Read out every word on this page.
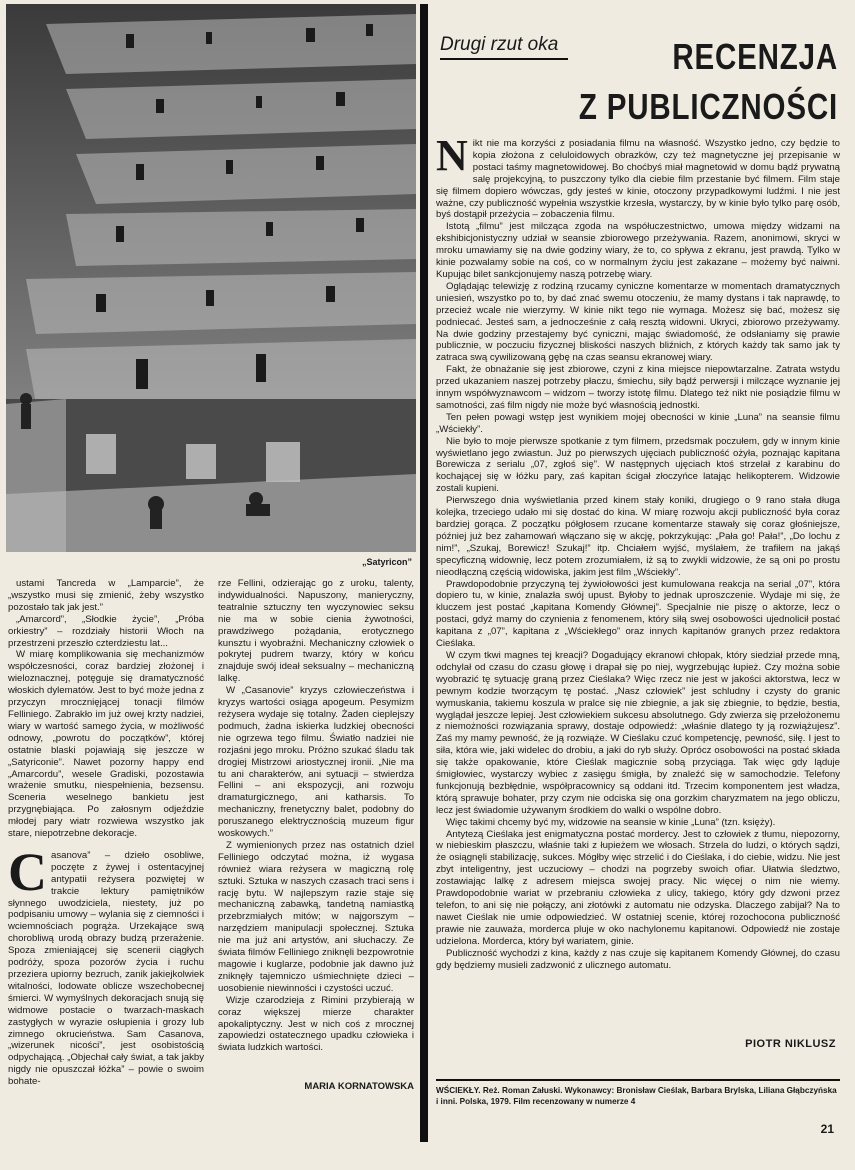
„Satyricon”

ustami Tancreda w „Lamparcie”, że „wszystko musi się zmienić, żeby wszystko pozostało tak jak jest.”

„Amarcord”, „Słodkie życie”, „Próba orkiestry” – rozdziały historii Włoch na przestrzeni przeszło czterdziestu lat...

W miarę komplikowania się mechanizmów współczesności, coraz bardziej złożonej i wieloznacznej, potęguje się dramatyczność włoskich dylematów. Jest to być może jedna z przyczyn mrocznięjącej tonacji filmów Felliniego. Zabrakło im już owej krzty nadziei, wiary w wartość samego życia, w możliwość odnowy, „powrotu do początków”, której ostatnie blaski pojawiają się jeszcze w „Satyriconie”. Nawet pozorny happy end „Amarcordu”, wesele Gradiski, pozostawia wrażenie smutku, niespełnienia, bezsensu. Sceneria weselnego bankietu jest przygnębiająca. Po załosnym odjeździe młodej pary wiatr rozwiewa wszystko jak stare, niepotrzebne dekoracje.

C asanova” – dzieło osobliwe, poczęte z żywej i ostentacyjnej antypatii reżysera pozwiętej w trakcie lektury pamiętników słynnego uwodziciela, niestety, już po podpisaniu umowy – wylania się z ciemności i wciemnościach pogrąża. Urzekające swą chorobliwą urodą obrazy budzą przerażenie. Spoza zmieniającej się scenerii ciągłych podróży, spoza pozorów życia i ruchu przeziera upiorny bezruch, zanik jakiejkolwiek witalności, lodowate oblicze wszechobecnej śmierci. W wymyślnych dekoracjach snują się widmowe postacie o twarzach-maskach zastygłych w wyrazie osłupienia i grozy lub zimnego okrucieństwa. Sam Casanova, „wizerunek nicości”, jest osobistością odpychającą. „Objechał cały świat, a tak jakby nigdy nie opuszczał łóżka” – powie o swoim bohate-

rze Fellini, odzierając go z uroku, talenty, indywidualności. Napuszony, manieryczny, teatralnie sztuczny ten wyczynowiec seksu nie ma w sobie cienia żywotności, prawdziwego pożądania, erotycznego kunsztu i wyobraźni. Mechaniczny człowiek o pokrytej pudrem twarzy, który w końcu znajduje swój ideał seksualny – mechaniczną lalkę.

W „Casanovie” kryzys człowieczeństwa i kryzys wartości osiąga apogeum. Pesymizm reżysera wydaje się totalny. Żaden cieplejszy podmuch, żadna iskierka ludzkiej obecności nie ogrzewa tego filmu. Światło nadziei nie rozjaśni jego mroku. Próżno szukać śladu tak drogiej Mistrzowi ariostycznej ironii. „Nie ma tu ani charakterów, ani sytuacji – stwierdza Fellini – ani ekspozycji, ani rozwoju dramaturgicznego, ani katharsis. To mechaniczny, frenetyczny balet, podobny do poruszanego elektrycznością muzeum figur woskowych.”

Z wymienionych przez nas ostatnich dziel Felliniego odczytać można, iż wygasa również wiara reżysera w magiczną rolę sztuki. Sztuka w naszych czasach traci sens i rację bytu. W najlepszym razie staje się mechaniczną zabawką, tandetną namiastką przebrzmiałych mitów; w najgorszym – narzędziem manipulacji społecznej. Sztuka nie ma już ani artystów, ani słuchaczy. Ze świata filmów Felliniego zniknęli bezpowrotnie magowie i kuglarze, podobnie jak dawno już zniknęły tajemniczo uśmiechnięte dzieci – uosobienie niewinności i czystości uczuć.

Wizje czarodzieja z Rimini przybierają w coraz większej mierze charakter apokaliptyczny. Jest w nich coś z mrocznej zapowiedzi ostatecznego upadku człowieka i świata ludzkich wartości.

MARIA KORNATOWSKA
Drugi rzut oka	RECENZJA
Z PUBLICZNOŚCI
N ikt nie ma korzyści z posiadania filmu na własność. Wszystko jedno, czy będzie to kopia złożona z celuloidowych obrazków, czy też magnetyczne jej przepisanie w postaci taśmy magnetowidowej. Bo choćbyś miał magnetowid w domu bądź prywatną salę projekcyjną, to puszczony tylko dla ciebie film przestanie być filmem. Film staje się filmem dopiero wówczas, gdy jesteś w kinie, otoczony przypadkowymi ludźmi. I nie jest ważne, czy publiczność wypełnia wszystkie krzesła, wystarczy, by w kinie było tylko parę osób, byś dostąpił przeżycia – zobaczenia filmu.

Istotą „filmu” jest milcząca zgoda na współuczestnictwo, umowa między widzami na ekshibicjonistyczny udział w seansie zbiorowego przeżywania. Razem, anonimowi, skryci w mroku umawiamy się na dwie godziny wiary, że to, co spływa z ekranu, jest prawdą. Tylko w kinie pozwalamy sobie na coś, co w normalnym życiu jest zakazane – możemy być naiwni. Kupując bilet sankcjonujemy naszą potrzebę wiary.

Oglądając telewizję z rodziną rzucamy cyniczne komentarze w momentach dramatycznych uniesień, wszystko po to, by dać znać swemu otoczeniu, że mamy dystans i tak naprawdę, to przecież wcale nie wierzymy. W kinie nikt tego nie wymaga. Możesz się bać, możesz się podniecać. Jesteś sam, a jednocześnie z całą resztą widowni. Ukryci, zbiorowo przeżywamy. Na dwie godziny przestajemy być cyniczni, mając świadomość, że odsłaniamy się prawie publicznie, w poczuciu fizycznej bliskości naszych bliźnich, z których każdy tak samo jak ty zatraca swą cywilizowaną gębę na czas seansu ekranowej wiary.

Fakt, że obnażanie się jest zbiorowe, czyni z kina miejsce niepowtarzalne. Zatrata wstydu przed ukazaniem naszej potrzeby płaczu, śmiechu, siły bądź perwersji i milczące wyznanie jej innym współwyznawcom – widzom – tworzy istotę filmu. Dlatego też nikt nie posiądzie filmu w samotności, zaś film nigdy nie może być własnością jednostki.

Ten pełen powagi wstęp jest wynikiem mojej obecności w kinie „Luna” na seansie filmu „Wściekły”.

Nie było to moje pierwsze spotkanie z tym filmem, przedsmak poczułem, gdy w innym kinie wyświetlano jego zwiastun. Już po pierwszych ujęciach publiczność ożyła, poznając kapitana Borewicza z serialu „07, zgłoś się”. W następnych ujęciach ktoś strzelał z karabinu do kochającej się w łóżku pary, zaś kapitan ścigał złoczyńce latając helikopterem. Widzowie zostali kupieni.

Pierwszego dnia wyświetlania przed kinem stały koniki, drugiego o 9 rano stała długa kolejka, trzeciego udało mi się dostać do kina. W miarę rozwoju akcji publiczność była coraz bardziej gorąca. Z początku półgłosem rzucane komentarze stawały się coraz głośniejsze, później już bez zahamowań włączano się w akcję, pokrzykując: „Pała go! Pała!”, „Do lochu z nim!”, „Szukaj, Borewicz! Szukaj!” itp. Chciałem wyjść, myślałem, że trafiłem na jakąś specyficzną widownię, lecz potem zrozumiałem, iż są to zwykli widzowie, że są oni po prostu nieodłączną częścią widowiska, jakim jest film „Wściekły”.

Prawdopodobnie przyczyną tej żywiołowości jest kumulowana reakcja na serial „07”, która dopiero tu, w kinie, znalazła swój upust. Byłoby to jednak uproszczenie. Wydaje mi się, że kluczem jest postać „kapitana Komendy Głównej”. Specjalnie nie piszę o aktorze, lecz o postaci, gdyż mamy do czynienia z fenomenem, który siłą swej osobowości ujednolicił postać kapitana z „07”, kapitana z „Wściekłego” oraz innych kapitanów granych przez redaktora Cieślaka.

W czym tkwi magnes tej kreacji? Dogadujący ekranowi chłopak, który siedział przede mną, odchylał od czasu do czasu głowę i drapał się po niej, wygrzebując łupież. Czy można sobie wyobrazić tę sytuację graną przez Cieślaka? Więc rzecz nie jest w jakości aktorstwa, lecz w pewnym kodzie tworzącym tę postać. „Nasz człowiek” jest schludny i czysty do granic wymuskania, takiemu koszula w pralce się nie zbiegnie, a jak się zbiegnie, to będzie, bestia, wyglądał jeszcze lepiej. Jest człowiekiem sukcesu absolutnego. Gdy zwierza się przełożonemu z niemożności rozwiązania sprawy, dostaje odpowiedź: „właśnie dlatego ty ją rozwiążujesz”. Zaś my mamy pewność, że ją rozwiąże. W Cieślaku czuć kompetencję, pewność, siłę. I jest to siła, która wie, jaki widelec do drobiu, a jaki do ryb służy. Oprócz osobowości na postać składa się także opakowanie, które Cieślak magicznie sobą przyciąga. Tak więc gdy ląduje śmigłowiec, wystarczy wybiec z zasięgu śmigła, by znaleźć się w samochodzie. Telefony funkcjonują bezbłędnie, współpracownicy są oddani itd. Trzecim komponentem jest władza, którą sprawuje bohater, przy czym nie odciska się ona gorzkim charyzmatem na jego obliczu, lecz jest świadomie używanym środkiem do walki o wspólne dobro.

Więc takimi chcemy być my, widzowie na seansie w kinie „Luna” (tzn. księży).

Antytezą Cieślaka jest enigmatyczna postać mordercy. Jest to człowiek z tłumu, niepozorny, w niebieskim płaszczu, właśnie taki z łupieżem we włosach. Strzela do ludzi, o których sądzi, że osiągnęli stabilizację, sukces. Mógłby więc strzelić i do Cieślaka, i do ciebie, widzu. Nie jest zbyt inteligentny, jest uczuciowy – chodzi na pogrzeby swoich ofiar. Ułatwia śledztwo, zostawiając lalkę z adresem miejsca swojej pracy. Nic więcej o nim nie wiemy. Prawdopodobnie wariat w przebraniu człowieka z ulicy, takiego, który gdy dzwoni przez telefon, to ani się nie połączy, ani złotówki z automatu nie odzyska. Dlaczego zabijał? Na to nawet Cieślak nie umie odpowiedzieć. W ostatniej scenie, której rozochocona publiczność prawie nie zauważa, mordercа pluje w oko nachylonemu kapitanowi. Odpowiedź nie zostaje udzielona. Morderca, który był wariatem, ginie.

Publiczność wychodzi z kina, każdy z nas czuje się kapitanem Komendy Głównej, do czasu gdy będziemy musieli zadzwonić z ulicznego automatu.

PIOTR NIKLUSZ
WŚCIEKŁY. Reż. Roman Załuski. Wykonawcy: Bronisław Cieślak, Barbara Brylska, Liliana Głąbczyńska i inni. Polska, 1979. Film recenzowany w numerze 4
21
